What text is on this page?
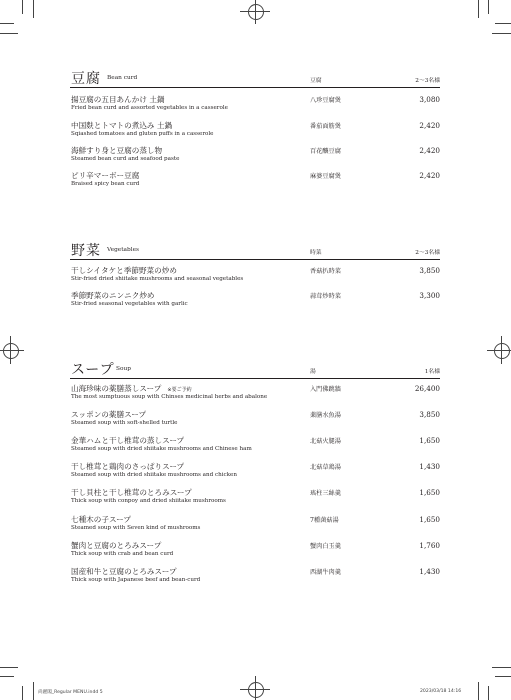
豆腐 Bean curd	豆腐	2～3名様
揚豆腐の五目あんかけ 土鍋
Fried bean curd and assorted vegetables in a casserole
八珍豆腐煲	3,080
中国麩とトマトの煮込み 土鍋
Sqiashed tomatoes and gluten puffs in a casserole
番茄面筋煲	2,420
海鮮すり身と豆腐の蒸し物
Steamed bean curd and seafood paste
百花釀豆腐	2,420
ピリ辛マーボー豆腐
Braised spicy bean curd
麻婆豆腐煲	2,420
野菜 Vegetables	時菜	2～3名様
干しシイタケと季節野菜の炒め
Stir-fried dried shiitake mushrooms and seasonal vegetables
香菇扒時菜	3,850
季節野菜のニンニク炒め
Stir-fried seasonal vegetables with garlic
蒜茸炒時菜	3,300
スープ Soup	湯	1名様
山海珍味の薬膳蒸しスープ ※要ご予約
The most sumptuous soup with Chinses medicinal herbs and abalone
入門佛跳牆	26,400
スッポンの薬膳スープ
Steamed soup with soft-shelled turtle
薬膳水魚湯	3,850
金華ハムと干し椎茸の蒸しスープ
Steamed soup with dried shiitake mushrooms and Chinese ham
北菇火腿湯	1,650
干し椎茸と鶏肉のさっぱりスープ
Steamed soup with dried shiitake mushrooms and chicken
北菇草鶏湯	1,430
干し貝柱と干し椎茸のとろみスープ
Thick soup with conpoy and dried shiitake mushrooms
瑤柱三絲羹	1,650
七種木の子スープ
Steamed soup with Seven kind of mushrooms
7種菌菇湯	1,650
蟹肉と豆腐のとろみスープ
Thick soup with crab and bean curd
蟹肉白玉羹	1,760
国産和牛と豆腐のとろみスープ
Thick soup with Japanese beef and bean-curd
西湖牛肉羹	1,430
尚麗閣_Regular MENU.indd 5	2023/03/18 14:16
